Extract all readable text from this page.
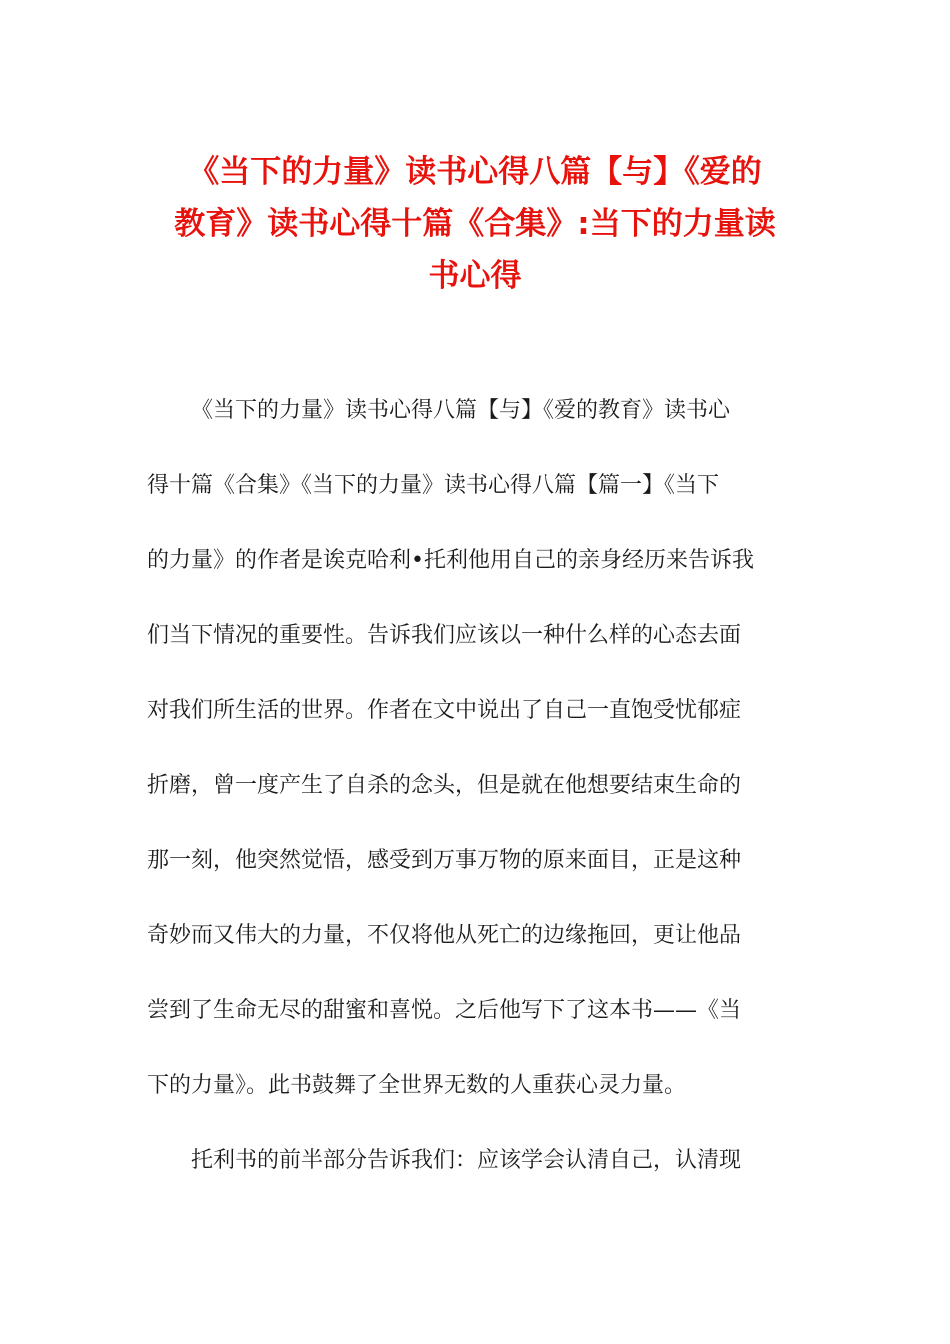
《当下的力量》读书心得八篇【与】《爱的
教育》读书心得十篇《合集》:当下的力量读
书心得
《当下的力量》读书心得八篇【与】《爱的教育》读书心
得十篇《合集》《当下的力量》读书心得八篇【篇一】《当下
的力量》的作者是诶克哈利•托利他用自己的亲身经历来告诉我
们当下情况的重要性。告诉我们应该以一种什么样的心态去面
对我们所生活的世界。作者在文中说出了自己一直饱受忧郁症
折磨，曾一度产生了自杀的念头，但是就在他想要结束生命的
那一刻，他突然觉悟，感受到万事万物的原来面目，正是这种
奇妙而又伟大的力量，不仅将他从死亡的边缘拖回，更让他品
尝到了生命无尽的甜蜜和喜悦。之后他写下了这本书——《当
下的力量》。此书鼓舞了全世界无数的人重获心灵力量。
托利书的前半部分告诉我们：应该学会认清自己，认清现
